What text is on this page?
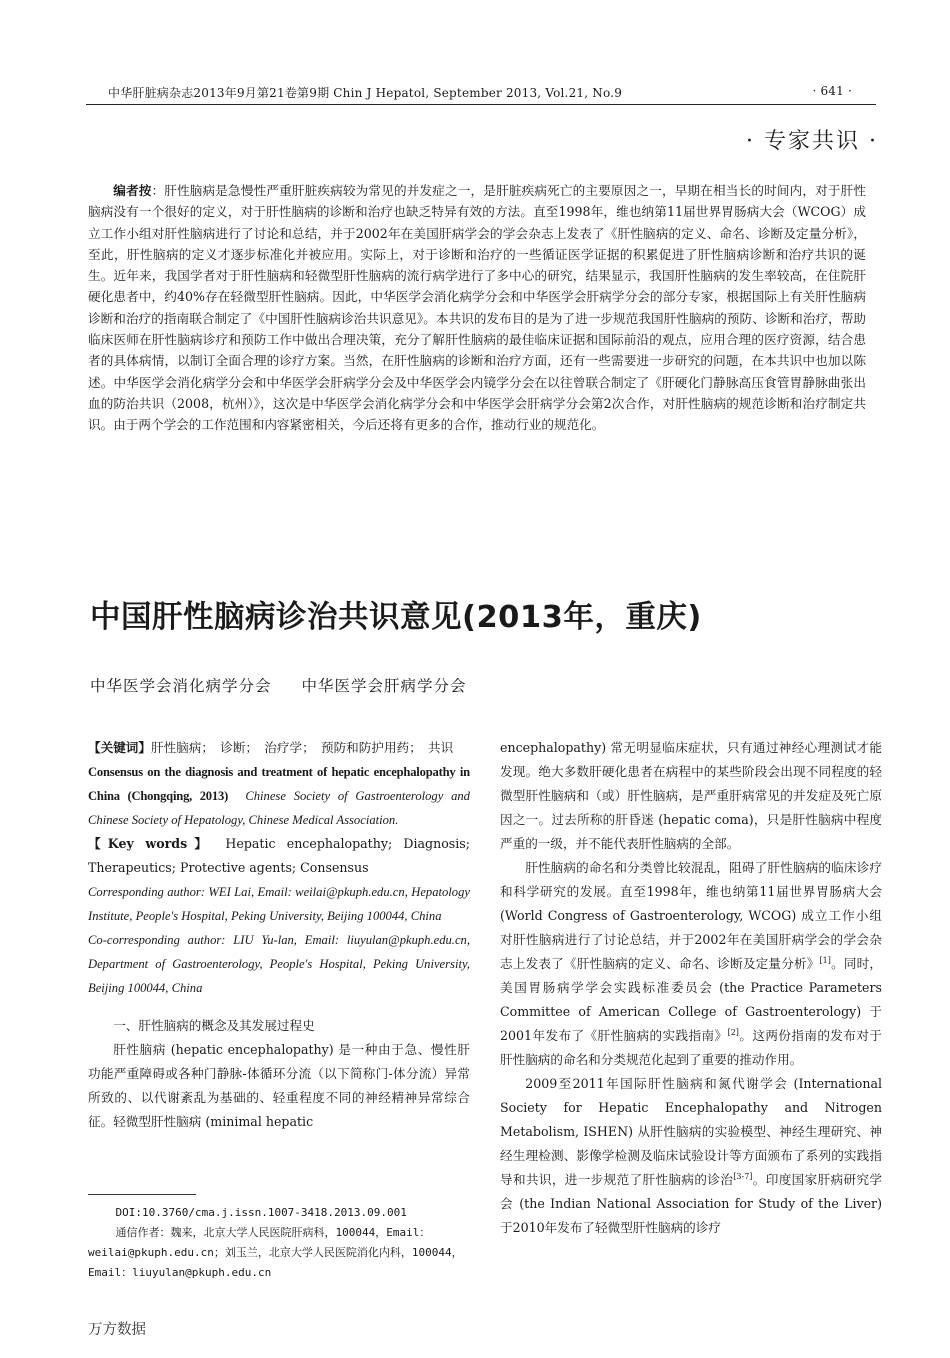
中华肝脏病杂志2013年9月第21卷第9期 Chin J Hepatol, September 2013, Vol.21, No.9	· 641 ·
· 专家共识 ·
编者按：肝性脑病是急慢性严重肝脏疾病较为常见的并发症之一，是肝脏疾病死亡的主要原因之一，早期在相当长的时间内，对于肝性脑病没有一个很好的定义，对于肝性脑病的诊断和治疗也缺乏特异有效的方法。直至1998年，维也纳第11届世界胃肠病大会（WCOG）成立工作小组对肝性脑病进行了讨论和总结，并于2002年在美国肝病学会的学会杂志上发表了《肝性脑病的定义、命名、诊断及定量分析》，至此，肝性脑病的定义才逐步标准化并被应用。实际上，对于诊断和治疗的一些循证医学证据的积累促进了肝性脑病诊断和治疗共识的诞生。近年来，我国学者对于肝性脑病和轻微型肝性脑病的流行病学进行了多中心的研究，结果显示，我国肝性脑病的发生率较高，在住院肝硬化患者中，约40%存在轻微型肝性脑病。因此，中华医学会消化病学分会和中华医学会肝病学分会的部分专家，根据国际上有关肝性脑病诊断和治疗的指南联合制定了《中国肝性脑病诊治共识意见》。本共识的发布目的是为了进一步规范我国肝性脑病的预防、诊断和治疗，帮助临床医师在肝性脑病诊疗和预防工作中做出合理决策，充分了解肝性脑病的最佳临床证据和国际前沿的观点，应用合理的医疗资源，结合患者的具体病情，以制订全面合理的诊疗方案。当然，在肝性脑病的诊断和治疗方面，还有一些需要进一步研究的问题，在本共识中也加以陈述。中华医学会消化病学分会和中华医学会肝病学分会及中华医学会内镜学分会在以往曾联合制定了《肝硬化门静脉高压食管胃静脉曲张出血的防治共识（2008，杭州）》，这次是中华医学会消化病学分会和中华医学会肝病学分会第2次合作，对肝性脑病的规范诊断和治疗制定共识。由于两个学会的工作范围和内容紧密相关，今后还将有更多的合作，推动行业的规范化。
中国肝性脑病诊治共识意见(2013年，重庆)
中华医学会消化病学分会 中华医学会肝病学分会

【关键词】肝性脑病；　诊断；　治疗学；　预防和防护用药；　共识

Consensus on the diagnosis and treatment of hepatic encephalopathy in China (Chongqing, 2013) Chinese Society of Gastroenterology and Chinese Society of Hepatology, Chinese Medical Association.

【Key words】 Hepatic encephalopathy; Diagnosis; Therapeutics; Protective agents; Consensus

Corresponding author: WEI Lai, Email: weilai@pkuph.edu.cn, Hepatology Institute, People's Hospital, Peking University, Beijing 100044, China

Co-corresponding author: LIU Yu-lan, Email: liuyulan@pkuph.edu.cn, Department of Gastroenterology, People's Hospital, Peking University, Beijing 100044, China

一、肝性脑病的概念及其发展过程史

肝性脑病 (hepatic encephalopathy) 是一种由于急、慢性肝功能严重障碍或各种门静脉-体循环分流（以下简称门-体分流）异常所致的、以代谢紊乱为基础的、轻重程度不同的神经精神异常综合征。轻微型肝性脑病 (minimal hepatic

encephalopathy) 常无明显临床症状，只有通过神经心理测试才能发现。绝大多数肝硬化患者在病程中的某些阶段会出现不同程度的轻微型肝性脑病和（或）肝性脑病，是严重肝病常见的并发症及死亡原因之一。过去所称的肝昏迷 (hepatic coma)，只是肝性脑病中程度严重的一级，并不能代表肝性脑病的全部。

肝性脑病的命名和分类曾比较混乱，阻碍了肝性脑病的临床诊疗和科学研究的发展。直至1998年，维也纳第11届世界胃肠病大会 (World Congress of Gastroenterology, WCOG) 成立工作小组对肝性脑病进行了讨论总结，并于2002年在美国肝病学会的学会杂志上发表了《肝性脑病的定义、命名、诊断及定量分析》[1]。同时，美国胃肠病学学会实践标准委员会 (the Practice Parameters Committee of American College of Gastroenterology) 于2001年发布了《肝性脑病的实践指南》[2]。这两份指南的发布对于肝性脑病的命名和分类规范化起到了重要的推动作用。

2009至2011年国际肝性脑病和氮代谢学会 (International Society for Hepatic Encephalopathy and Nitrogen Metabolism, ISHEN) 从肝性脑病的实验模型、神经生理研究、神经生理检测、影像学检测及临床试验设计等方面颁布了系列的实践指导和共识，进一步规范了肝性脑病的诊治[3-7]。印度国家肝病研究学会 (the Indian National Association for Study of the Liver) 于2010年发布了轻微型肝性脑病的诊疗

DOI:10.3760/cma.j.issn.1007-3418.2013.09.001
通信作者：魏来，北京大学人民医院肝病科，100044，Email：weilai@pkuph.edu.cn；刘玉兰，北京大学人民医院消化内科，100044，Email：liuyulan@pkuph.edu.cn
万方数据
